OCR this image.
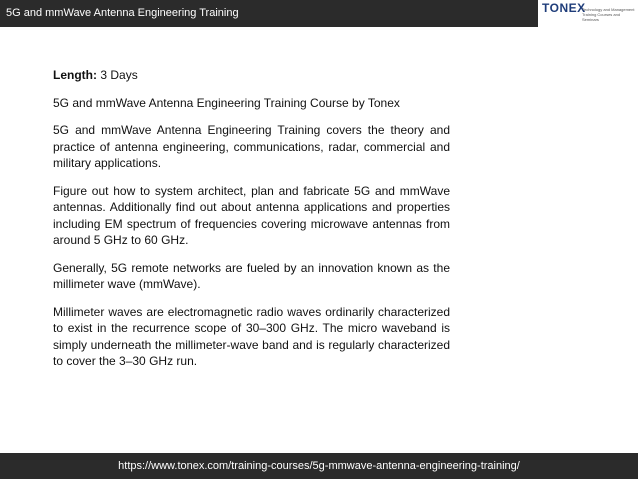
5G and mmWave Antenna Engineering Training	TONEX
Technology and Management Training Courses and Seminars

Length: 3 Days

5G and mmWave Antenna Engineering Training Course by Tonex

5G and mmWave Antenna Engineering Training covers the theory and practice of antenna engineering, communications, radar, commercial and military applications.

Figure out how to system architect, plan and fabricate 5G and mmWave antennas. Additionally find out about antenna applications and properties including EM spectrum of frequencies covering microwave antennas from around 5 GHz to 60 GHz.

Generally, 5G remote networks are fueled by an innovation known as the millimeter wave (mmWave).

Millimeter waves are electromagnetic radio waves ordinarily characterized to exist in the recurrence scope of 30–300 GHz. The micro waveband is simply underneath the millimeter-wave band and is regularly characterized to cover the 3–30 GHz run.

https://www.tonex.com/training-courses/5g-mmwave-antenna-engineering-training/
